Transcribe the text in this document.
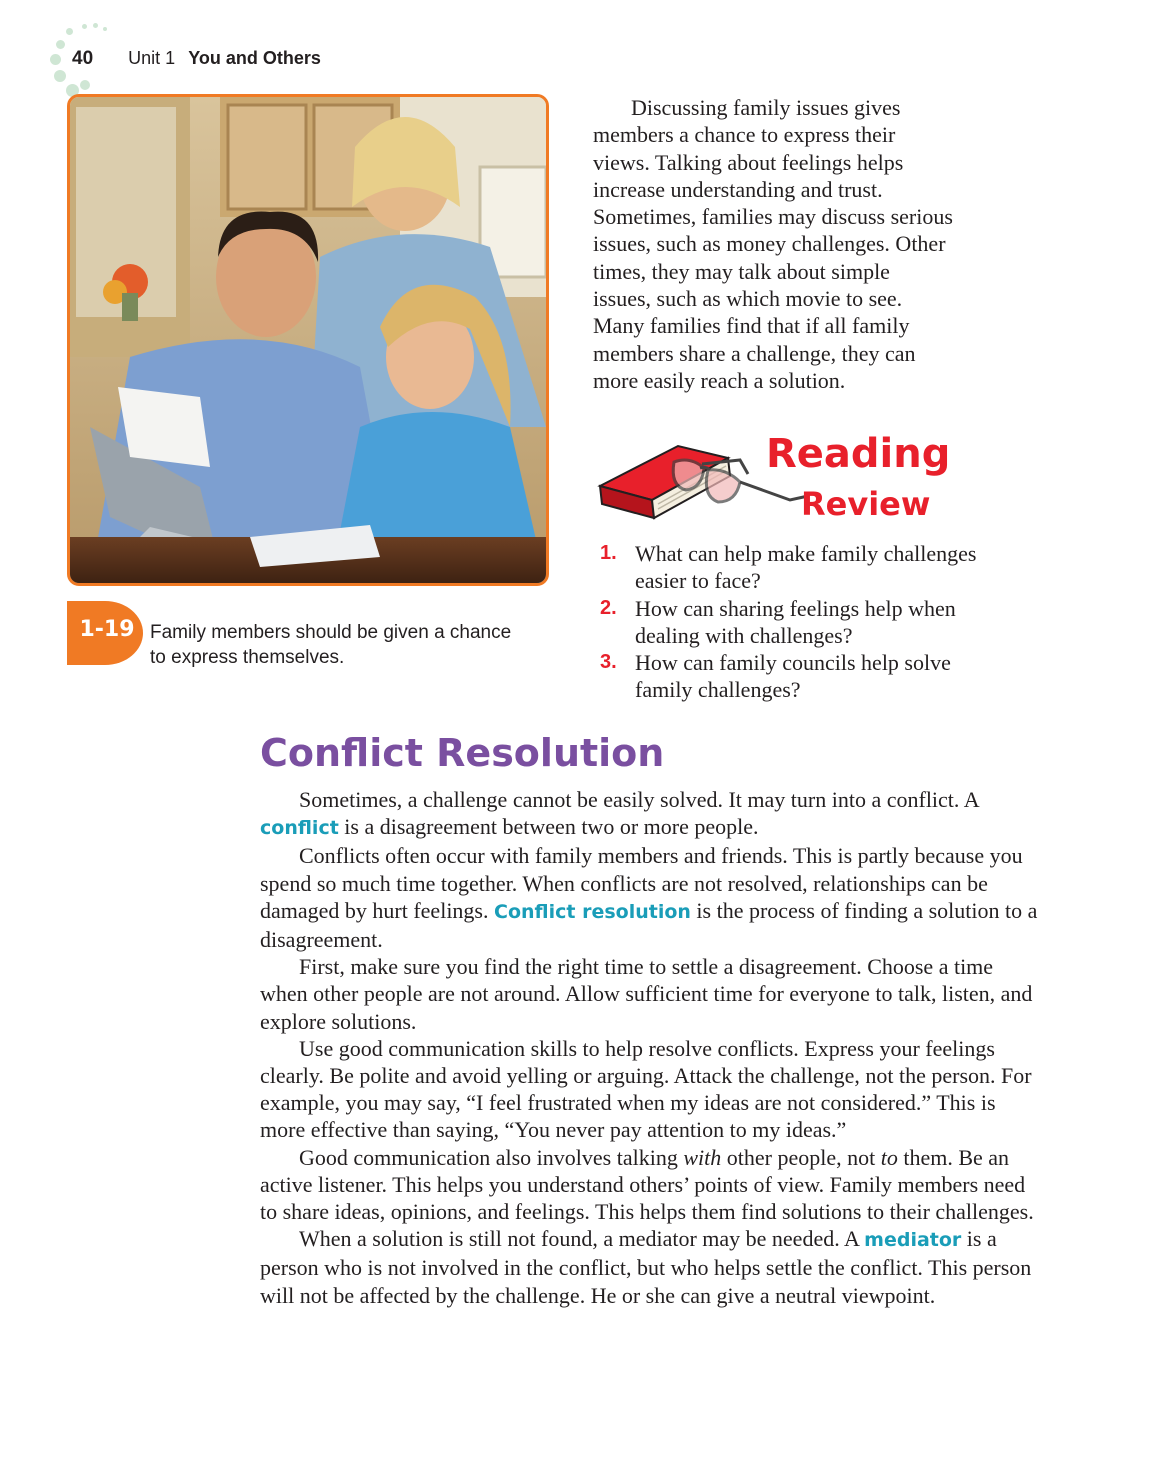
40 Unit 1 You and Others
1-19 Family members should be given a chance
to express themselves.
Discussing family issues gives
members a chance to express their
views. Talking about feelings helps
increase understanding and trust.
Sometimes, families may discuss serious
issues, such as money challenges. Other
times, they may talk about simple
issues, such as which movie to see.
Many families find that if all family
members share a challenge, they can
more easily reach a solution.
Reading
Review
1. What can help make family challenges
easier to face?
2. How can sharing feelings help when
dealing with challenges?
3. How can family councils help solve
family challenges?
Conflict Resolution

Sometimes, a challenge cannot be easily solved. It may turn into a conflict. A conflict is a disagreement between two or more people.

Conflicts often occur with family members and friends. This is partly because you spend so much time together. When conflicts are not resolved, relationships can be damaged by hurt feelings. Conflict resolution is the process of finding a solution to a disagreement.

First, make sure you find the right time to settle a disagreement. Choose a time when other people are not around. Allow sufficient time for everyone to talk, listen, and explore solutions.

Use good communication skills to help resolve conflicts. Express your feelings clearly. Be polite and avoid yelling or arguing. Attack the challenge, not the person. For example, you may say, “I feel frustrated when my ideas are not considered.” This is more effective than saying, “You never pay attention to my ideas.”

Good communication also involves talking with other people, not to them. Be an active listener. This helps you understand others’ points of view. Family members need to share ideas, opinions, and feelings. This helps them find solutions to their challenges.

When a solution is still not found, a mediator may be needed. A mediator is a person who is not involved in the conflict, but who helps settle the conflict. This person will not be affected by the challenge. He or she can give a neutral viewpoint.
